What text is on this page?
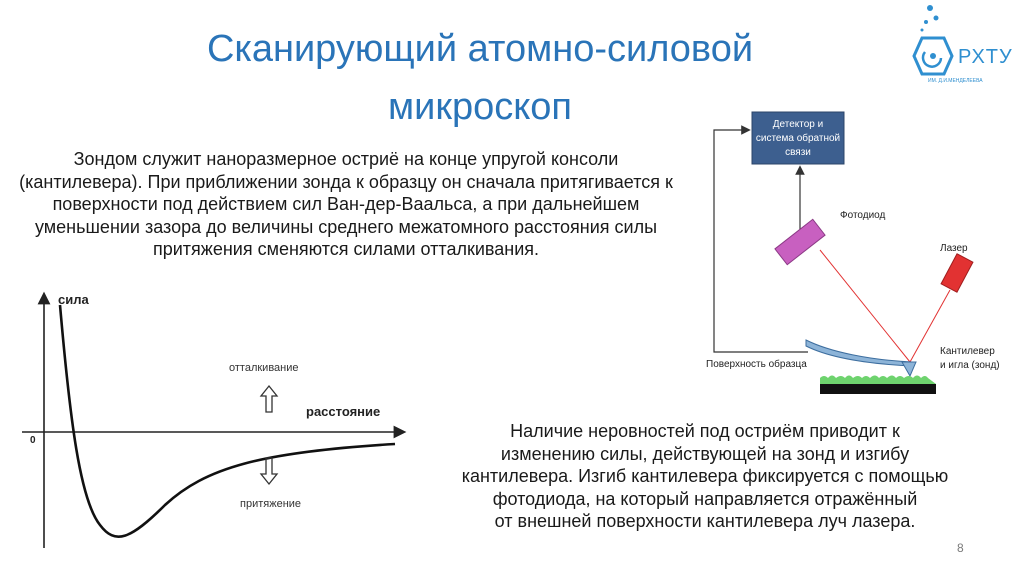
Сканирующий атомно-силовой
микроскоп
РХТУ
ИМ. Д.И.МЕНДЕЛЕЕВА
Зондом служит наноразмерное остриё на конце упругой консоли (кантилевера). При приближении зонда к образцу он сначала притягивается к поверхности под действием сил Ван-дер-Ваальса, а при дальнейшем уменьшении зазора до величины среднего межатомного расстояния силы притяжения сменяются силами отталкивания.
сила
расстояние
0
отталкивание
притяжение
Детектор и
система обратной
связи
Фотодиод
Лазер
Поверхность образца
Кантилевер
и игла (зонд)
Наличие неровностей под остриём приводит к
изменению силы, действующей на зонд и изгибу
кантилевера. Изгиб кантилевера фиксируется с помощью
фотодиода, на который направляется отражённый
от внешней поверхности кантилевера луч лазера.
8
